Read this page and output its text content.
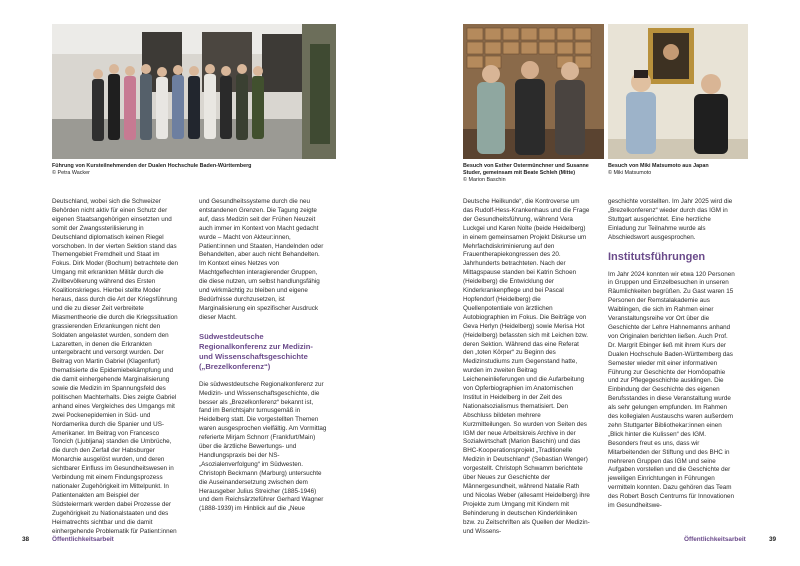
Führung von Kursteilnehmenden der Dualen Hochschule Baden-Württemberg
© Petra Wacker
Besuch von Esther Ostermünchner und Susanne Studer, gemeinsam mit Beate Schleh (Mitte)
© Marion Baschin
Besuch von Miki Matsumoto aus Japan
© Miki Matsumoto

Deutschland, wobei sich die Schweizer Behörden nicht aktiv für einen Schutz der eigenen Staatsangehörigen einsetzten und somit der Zwangssterilisierung in Deutschland diplomatisch keinen Riegel vorschoben. In der vierten Sektion stand das Themengebiet Fremdheit und Staat im Fokus. Dirk Moder (Bochum) betrachtete den Umgang mit erkrankten Militär durch die Zivilbevölkerung während des Ersten Koalitionskrieges. Hierbei stellte Moder heraus, dass durch die Art der Kriegsführung und die zu dieser Zeit verbreitete Miasmentheorie die durch die Kriegssituation grassierenden Erkrankungen nicht den Soldaten angelastet wurden, sondern den Lazaretten, in denen die Erkrankten untergebracht und versorgt wurden. Der Beitrag von Martin Gabriel (Klagenfurt) thematisierte die Epidemiebekämpfung und die damit einhergehende Marginalisierung sowie die Medizin im Spannungsfeld des politischen Machterhalts. Dies zeigte Gabriel anhand eines Vergleiches des Umgangs mit zwei Pockenepidemien in Süd- und Nordamerika durch die Spanier und US-Amerikaner. Im Beitrag von Francesco Toncich (Ljubljana) standen die Umbrüche, die durch den Zerfall der Habsburger Monarchie ausgelöst wurden, und deren sichtbarer Einfluss im Gesundheitswesen in Verbindung mit einem Findungsprozess nationaler Zugehörigkeit im Mittelpunkt. In Patientenakten am Beispiel der Südsteiermark werden dabei Prozesse der Zugehörigkeit zu Nationalstaaten und des Heimatrechts sichtbar und die damit einhergehende Problematik für Patient:innen

und Gesundheitssysteme durch die neu entstandenen Grenzen. Die Tagung zeigte auf, dass Medizin seit der Frühen Neuzeit auch immer im Kontext von Macht gedacht wurde – Macht von Akteur:innen, Patient:innen und Staaten, Handelnden oder Behandelten, aber auch nicht Behandelten. Im Kontext eines Netzes von Machtgeflechten interagierender Gruppen, die diese nutzen, um selbst handlungsfähig und wirkmächtig zu bleiben und eigene Bedürfnisse durchzusetzen, ist Marginalisierung ein spezifischer Ausdruck dieser Macht.

Südwestdeutsche Regionalkonferenz zur Medizin- und Wissenschaftsgeschichte („Brezelkonferenz“)

Die südwestdeutsche Regionalkonferenz zur Medizin- und Wissenschaftsgeschichte, die besser als „Brezelkonferenz“ bekannt ist, fand im Berichtsjahr turnusgemäß in Heidelberg statt. Die vorgestellten Themen waren ausgesprochen vielfältig. Am Vormittag referierte Mirjam Schnorr (Frankfurt/Main) über die ärztliche Bewertungs- und Handlungspraxis bei der NS-„Asozialenverfolgung“ im Südwesten. Christoph Beckmann (Marburg) untersuchte die Auseinandersetzung zwischen dem Herausgeber Julius Streicher (1885-1946) und dem Reichsärzteführer Gerhard Wagner (1888-1939) im Hinblick auf die „Neue

Deutsche Heilkunde“, die Kontroverse um das Rudolf-Hess-Krankenhaus und die Frage der Gesundheitsführung, während Vera Luckgei und Karen Nolte (beide Heidelberg) in einem gemeinsamen Projekt Diskurse um Mehrfachdiskriminierung auf den Frauentherapiekongressen des 20. Jahrhunderts betrachteten. Nach der Mittagspause standen bei Katrin Schoen (Heidelberg) die Entwicklung der Kinderkrankenpflege und bei Pascal Hopfendorf (Heidelberg) die Quellenpotentiale von ärztlichen Autobiographien im Fokus. Die Beiträge von Geva Herlyn (Heidelberg) sowie Merisa Hot (Heidelberg) befassten sich mit Leichen bzw. deren Sektion. Während das eine Referat den „toten Körper“ zu Beginn des Medizinstudiums zum Gegenstand hatte, wurden im zweiten Beitrag Leicheneinlieferungen und die Aufarbeitung von Opferbiographien im Anatomischen Institut in Heidelberg in der Zeit des Nationalsozialismus thematisiert. Den Abschluss bildeten mehrere Kurzmitteilungen. So wurden von Seiten des IGM der neue Arbeitskreis Archive in der Sozialwirtschaft (Marion Baschin) und das BHC-Kooperationsprojekt „Traditionelle Medizin in Deutschland“ (Sebastian Wenger) vorgestellt. Christoph Schwamm berichtete über Neues zur Geschichte der Männergesundheit, während Natalie Rath und Nicolas Weber (allesamt Heidelberg) ihre Projekte zum Umgang mit Kindern mit Behinderung in deutschen Kinderkliniken bzw. zu Zeitschriften als Quellen der Medizin- und Wissens-

geschichte vorstellten. Im Jahr 2025 wird die „Brezelkonferenz“ wieder durch das IGM in Stuttgart ausgerichtet. Eine herzliche Einladung zur Teilnahme wurde als Abschiedswort ausgesprochen.

Institutsführungen

Im Jahr 2024 konnten wir etwa 120 Personen in Gruppen und Einzelbesuchen in unseren Räumlichkeiten begrüßen. Zu Gast waren 15 Personen der Remstalakademie aus Waiblingen, die sich im Rahmen einer Veranstaltungsreihe vor Ort über die Geschichte der Lehre Hahnemanns anhand von Originalen berichten ließen. Auch Prof. Dr. Margrit Ebinger ließ mit ihrem Kurs der Dualen Hochschule Baden-Württemberg das Semester wieder mit einer informativen Führung zur Geschichte der Homöopathie und zur Pflegegeschichte ausklingen. Die Einbindung der Geschichte des eigenen Berufsstandes in diese Veranstaltung wurde als sehr gelungen empfunden. Im Rahmen des kollegialen Austauschs waren außerdem zehn Stuttgarter Bibliothekar:innen einen „Blick hinter die Kulissen“ des IGM. Besonders freut es uns, dass wir Mitarbeitenden der Stiftung und des BHC in mehreren Gruppen das IGM und seine Aufgaben vorstellen und die Geschichte der jeweiligen Einrichtungen in Führungen vermitteln konnten. Dazu gehören das Team des Robert Bosch Centrums für Innovationen im Gesundheitswe-

38	Öffentlichkeitsarbeit	Öffentlichkeitsarbeit	39
